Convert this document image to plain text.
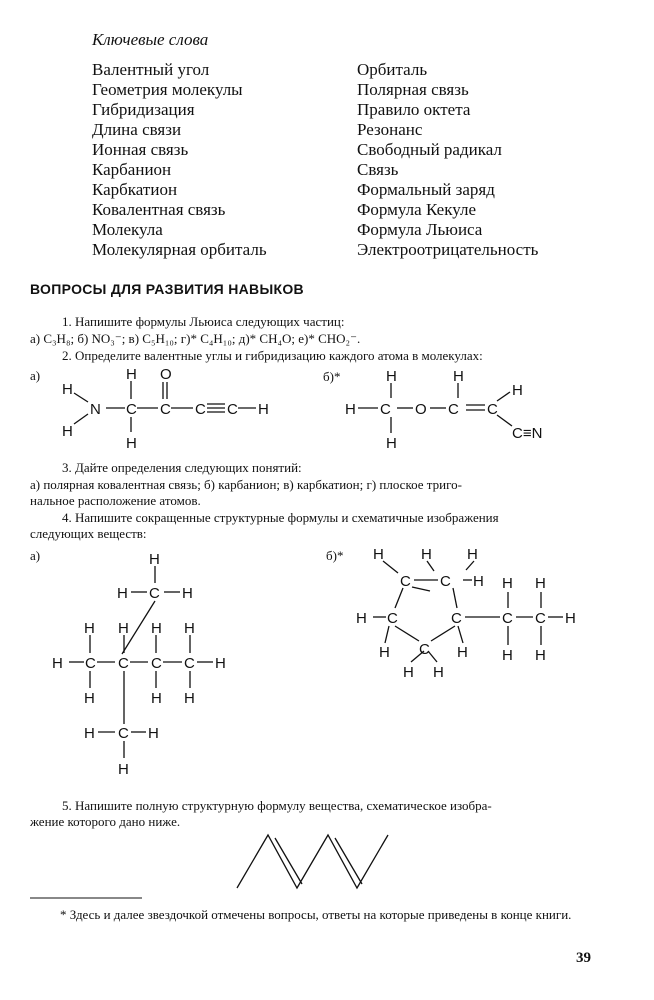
Ключевые слова
Валентный угол
Геометрия молекулы
Гибридизация
Длина связи
Ионная связь
Карбанион
Карбкатион
Ковалентная связь
Молекула
Молекулярная орбиталь
Орбиталь
Полярная связь
Правило октета
Резонанс
Свободный радикал
Связь
Формальный заряд
Формула Кекуле
Формула Льюиса
Электроотрицательность
ВОПРОСЫ ДЛЯ РАЗВИТИЯ НАВЫКОВ
1. Напишите формулы Льюиса следующих частиц:
а) C₃H₈; б) NO₃⁻; в) C₅H₁₀; г)* C₄H₁₀; д)* CH₄O; е)* CHO₂⁻.
2. Определите валентные углы и гибридизацию каждого атома в молекулах:
а)	б)*
3. Дайте определения следующих понятий:
а) полярная ковалентная связь; б) карбанион; в) карбкатион; г) плоское триго-
нальное расположение атомов.
4. Напишите сокращенные структурные формулы и схематичные изображения
следующих веществ:
а)	б)*
5. Напишите полную структурную формулу вещества, схематическое изобра-
жение которого дано ниже.
H
H
N C
H
H
C
O
C C H	H C
H
H
O C
H
C
H
C≡N
H
H C H
H H H H
H C C C C H
H	H H
H C H
H
H H H
C C H
H C	C
H H
C C H
H H
C
H	H
H H
* Здесь и далее звездочкой отмечены вопросы, ответы на которые приведены в конце книги.
39
